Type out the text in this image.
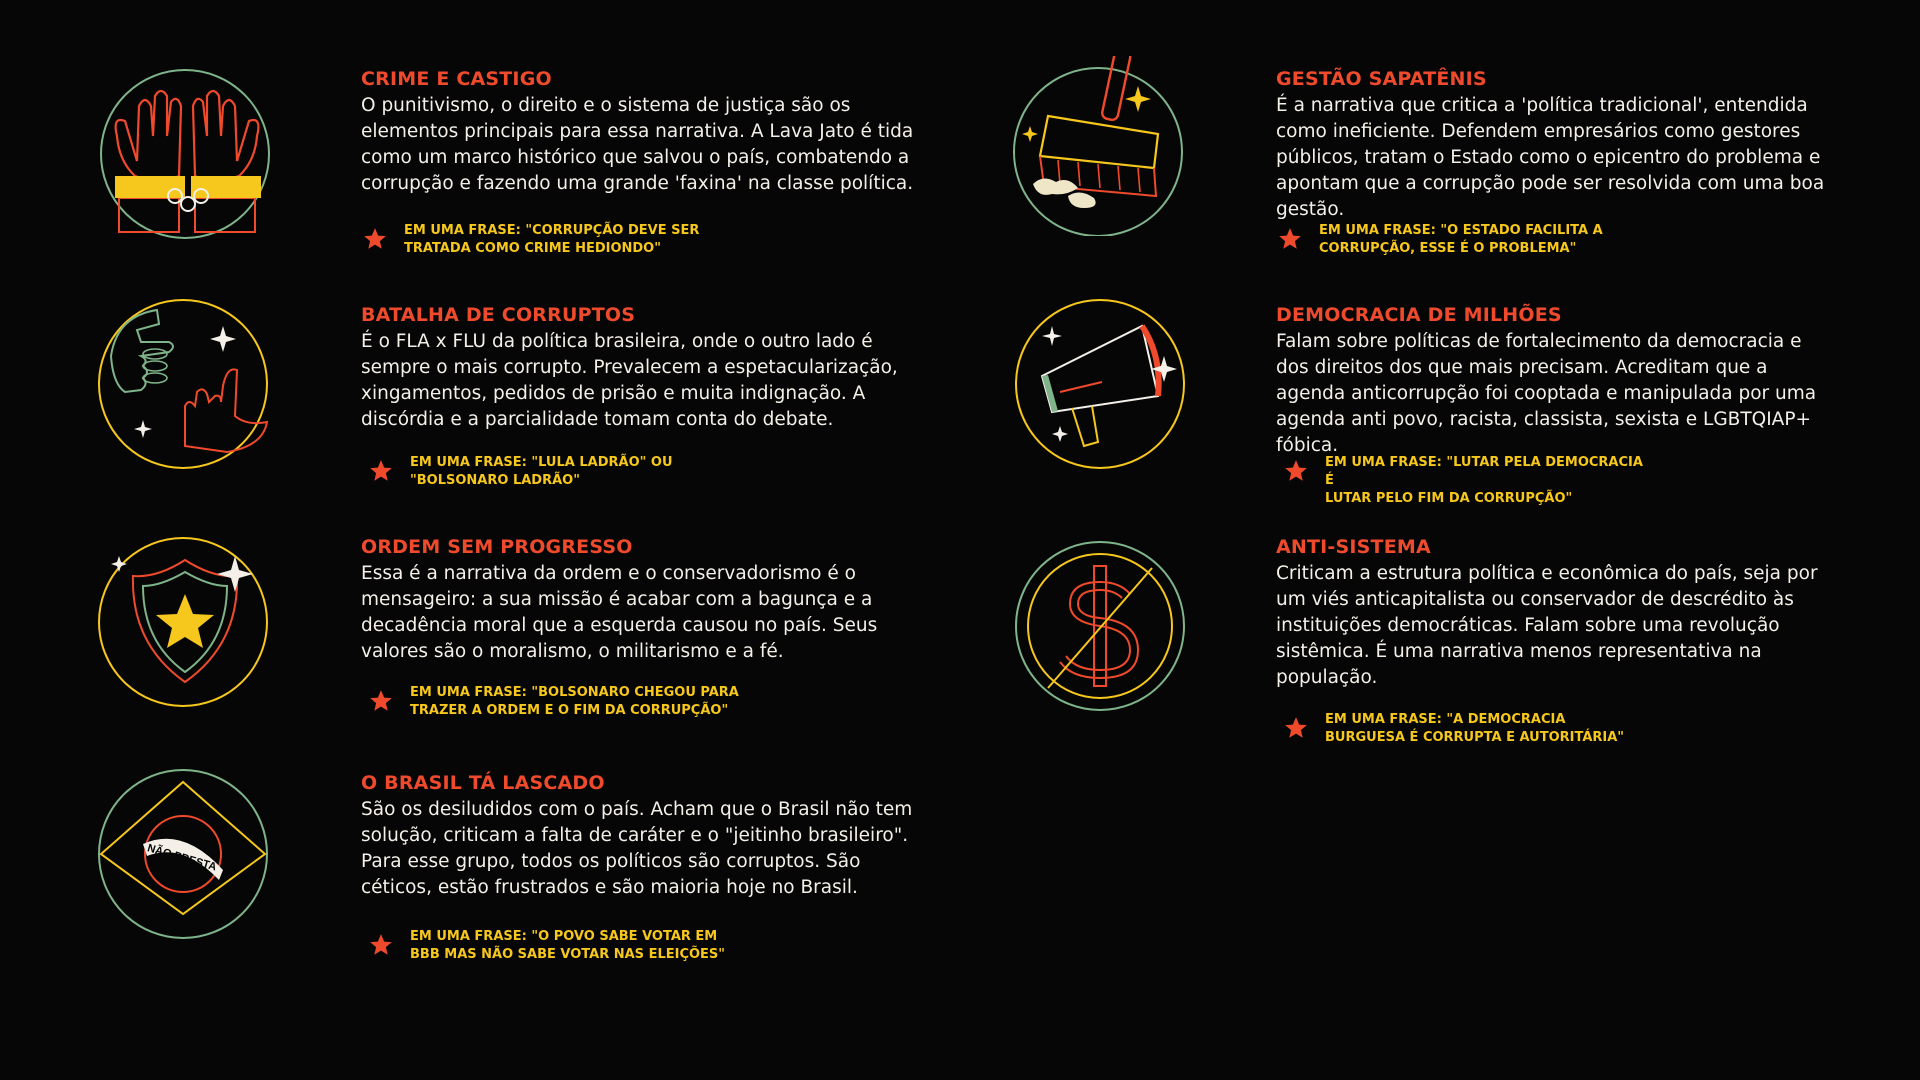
CRIME E CASTIGO
O punitivismo, o direito e o sistema de justiça são os elementos principais para essa narrativa. A Lava Jato é tida como um marco histórico que salvou o país, combatendo a corrupção e fazendo uma grande 'faxina' na classe política.
EM UMA FRASE: "CORRUPÇÃO DEVE SER
TRATADA COMO CRIME HEDIONDO"
GESTÃO SAPATÊNIS
É a narrativa que critica a 'política tradicional', entendida como ineficiente. Defendem empresários como gestores públicos, tratam o Estado como o epicentro do problema e apontam que a corrupção pode ser resolvida com uma boa gestão.
EM UMA FRASE: "O ESTADO FACILITA A
CORRUPÇÃO, ESSE É O PROBLEMA"
BATALHA DE CORRUPTOS
É o FLA x FLU da política brasileira, onde o outro lado é sempre o mais corrupto. Prevalecem a espetacularização, xingamentos, pedidos de prisão e muita indignação. A discórdia e a parcialidade tomam conta do debate.
EM UMA FRASE: "LULA LADRÃO" OU
"BOLSONARO LADRÃO"
DEMOCRACIA DE MILHÕES
Falam sobre políticas de fortalecimento da democracia e dos direitos dos que mais precisam. Acreditam que a agenda anticorrupção foi cooptada e manipulada por uma agenda anti povo, racista, classista, sexista e LGBTQIAP+ fóbica.
EM UMA FRASE: "LUTAR PELA DEMOCRACIA É
LUTAR PELO FIM DA CORRUPÇÃO"
ORDEM SEM PROGRESSO
Essa é a narrativa da ordem e o conservadorismo é o mensageiro: a sua missão é acabar com a bagunça e a decadência moral que a esquerda causou no país. Seus valores são o moralismo, o militarismo e a fé.
EM UMA FRASE: "BOLSONARO CHEGOU PARA
TRAZER A ORDEM E O FIM DA CORRUPÇÃO"
ANTI-SISTEMA
Criticam a estrutura política e econômica do país, seja por um viés anticapitalista ou conservador de descrédito às instituições democráticas. Falam sobre uma revolução sistêmica. É uma narrativa menos representativa na população.
EM UMA FRASE: "A DEMOCRACIA
BURGUESA É CORRUPTA E AUTORITÁRIA"
NÃO PRESTA
O BRASIL TÁ LASCADO
São os desiludidos com o país. Acham que o Brasil não tem solução, criticam a falta de caráter e o "jeitinho brasileiro". Para esse grupo, todos os políticos são corruptos. São céticos, estão frustrados e são maioria hoje no Brasil.
EM UMA FRASE: "O POVO SABE VOTAR EM
BBB MAS NÃO SABE VOTAR NAS ELEIÇÕES"
